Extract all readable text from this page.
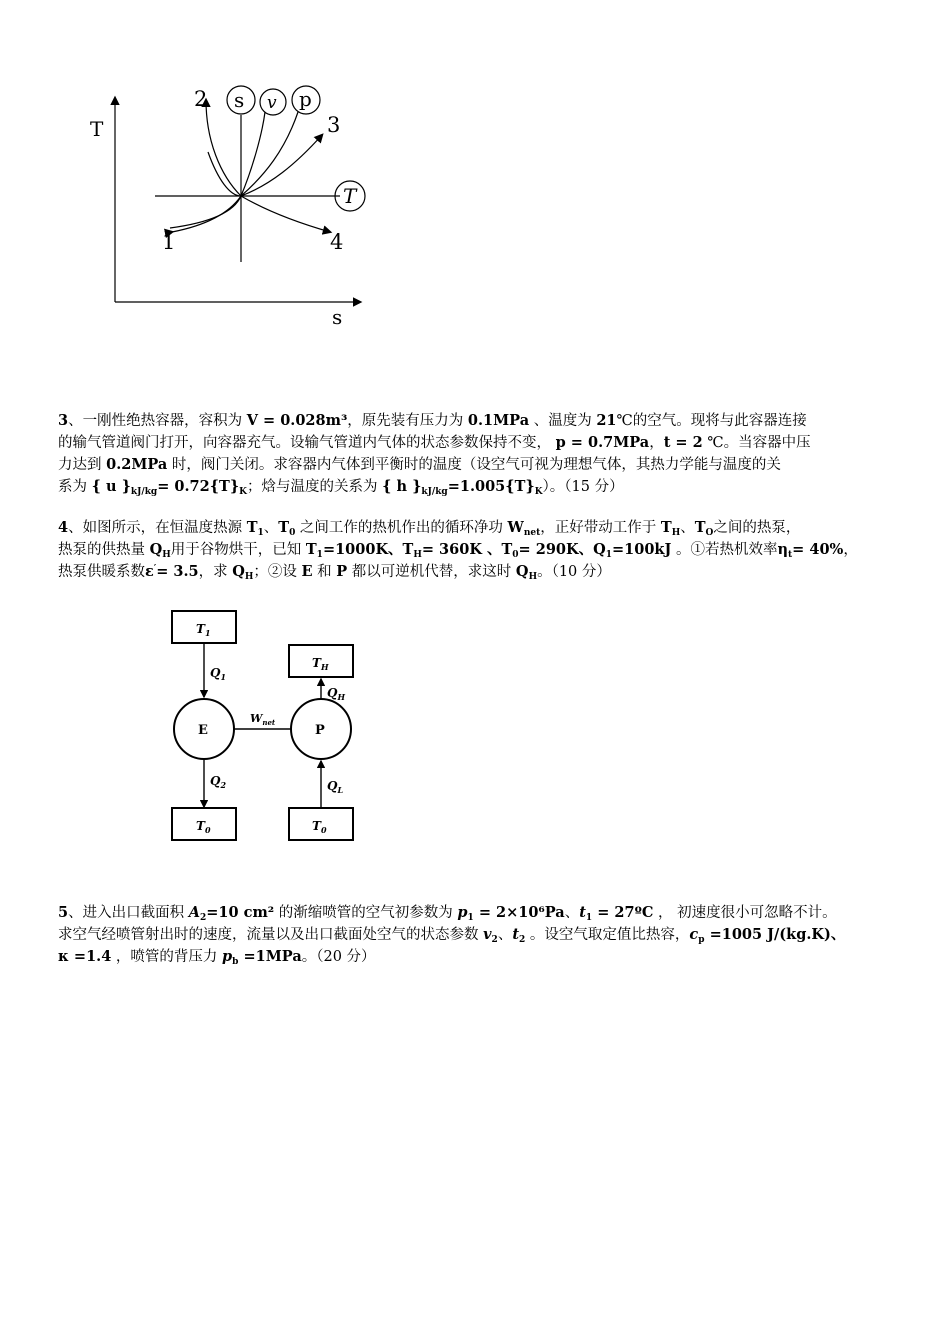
T
s
s v p
T
2
3
1	4
3、一刚性绝热容器，容积为 V = 0.028m³，原先装有压力为 0.1MPa 、温度为 21℃的空气。现将与此容器连接
的输气管道阀门打开，向容器充气。设输气管道内气体的状态参数保持不变， p = 0.7MPa，t = 2 ℃。当容器中压
力达到 0.2MPa 时，阀门关闭。求容器内气体到平衡时的温度（设空气可视为理想气体，其热力学能与温度的关
系为 { u }$_{kJ/kg}= 0.72\{T\}_K$；焓与温度的关系为 { h }$_{kJ/kg}=1.005\{T\}_K$）。（15 分）
4、如图所示，在恒温度热源 $T_1$、$T_0$ 之间工作的热机作出的循环净功 $W_{net}$，正好带动工作于 $T_H$、$T_O$之间的热泵，
热泵的供热量 $Q_H$用于谷物烘干，已知 $T_1=1000K$、$T_H= 360K$ 、$T_0= 290K$、$Q_1=100kJ$ 。①若热机效率$\eta_t= 40\%$，
热泵供暖系数ε′= 3.5，求 $Q_H$；②设 E 和 P 都以可逆机代替，求这时 $Q_H$。（10 分）
$T_1$
$Q_1$
E
$W_{net}$
$Q_2$
$T_0$
$T_H$
$Q_H$
P
$Q_L$
$T_0$
5、进入出口截面积 $A_2=10$ cm² 的渐缩喷管的空气初参数为 $p_1 = 2\times 10^6Pa$、$t_1$ = 27ºC ， 初速度很小可忽略不计。
求空气经喷管射出时的速度，流量以及出口截面处空气的状态参数 $v_2$、$t_2$ 。设空气取定值比热容，$c_p =1005$ J/(kg.K)、
κ =1.4 ，喷管的背压力 $p_b =1MPa$。（20 分）
